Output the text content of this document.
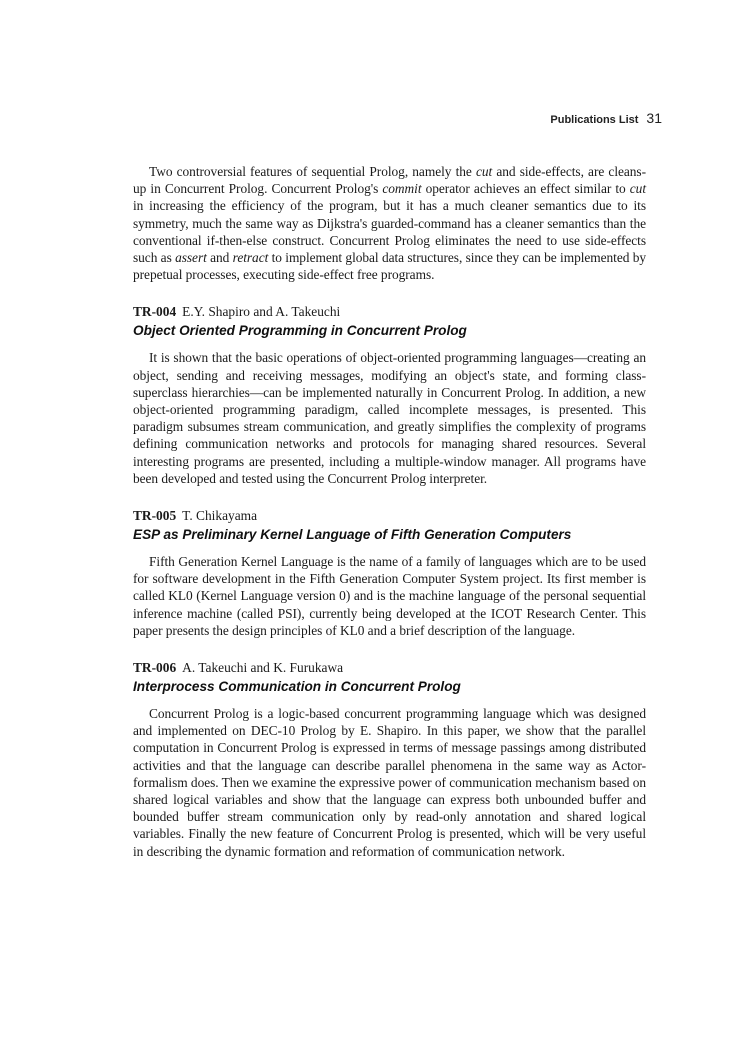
Publications List 31

Two controversial features of sequential Prolog, namely the cut and side-effects, are cleans-up in Concurrent Prolog. Concurrent Prolog's commit operator achieves an effect similar to cut in increasing the efficiency of the program, but it has a much cleaner semantics due to its symmetry, much the same way as Dijkstra's guarded-command has a cleaner semantics than the conventional if-then-else construct. Concurrent Prolog eliminates the need to use side-effects such as assert and retract to implement global data structures, since they can be implemented by prepetual processes, executing side-effect free programs.

TR-004 E.Y. Shapiro and A. Takeuchi
Object Oriented Programming in Concurrent Prolog

It is shown that the basic operations of object-oriented programming languages—creating an object, sending and receiving messages, modifying an object's state, and forming class-superclass hierarchies—can be implemented naturally in Concurrent Prolog. In addition, a new object-oriented programming paradigm, called incomplete messages, is presented. This paradigm subsumes stream communication, and greatly simplifies the complexity of programs defining communication networks and protocols for managing shared resources. Several interesting programs are presented, including a multiple-window manager. All programs have been developed and tested using the Concurrent Prolog interpreter.

TR-005 T. Chikayama
ESP as Preliminary Kernel Language of Fifth Generation Computers

Fifth Generation Kernel Language is the name of a family of languages which are to be used for software development in the Fifth Generation Computer System project. Its first member is called KL0 (Kernel Language version 0) and is the machine language of the personal sequential inference machine (called PSI), currently being developed at the ICOT Research Center. This paper presents the design principles of KL0 and a brief description of the language.

TR-006 A. Takeuchi and K. Furukawa
Interprocess Communication in Concurrent Prolog

Concurrent Prolog is a logic-based concurrent programming language which was designed and implemented on DEC-10 Prolog by E. Shapiro. In this paper, we show that the parallel computation in Concurrent Prolog is expressed in terms of message passings among distributed activities and that the language can describe parallel phenomena in the same way as Actor-formalism does. Then we examine the expressive power of communication mechanism based on shared logical variables and show that the language can express both unbounded buffer and bounded buffer stream communication only by read-only annotation and shared logical variables. Finally the new feature of Concurrent Prolog is presented, which will be very useful in describing the dynamic formation and reformation of communication network.
